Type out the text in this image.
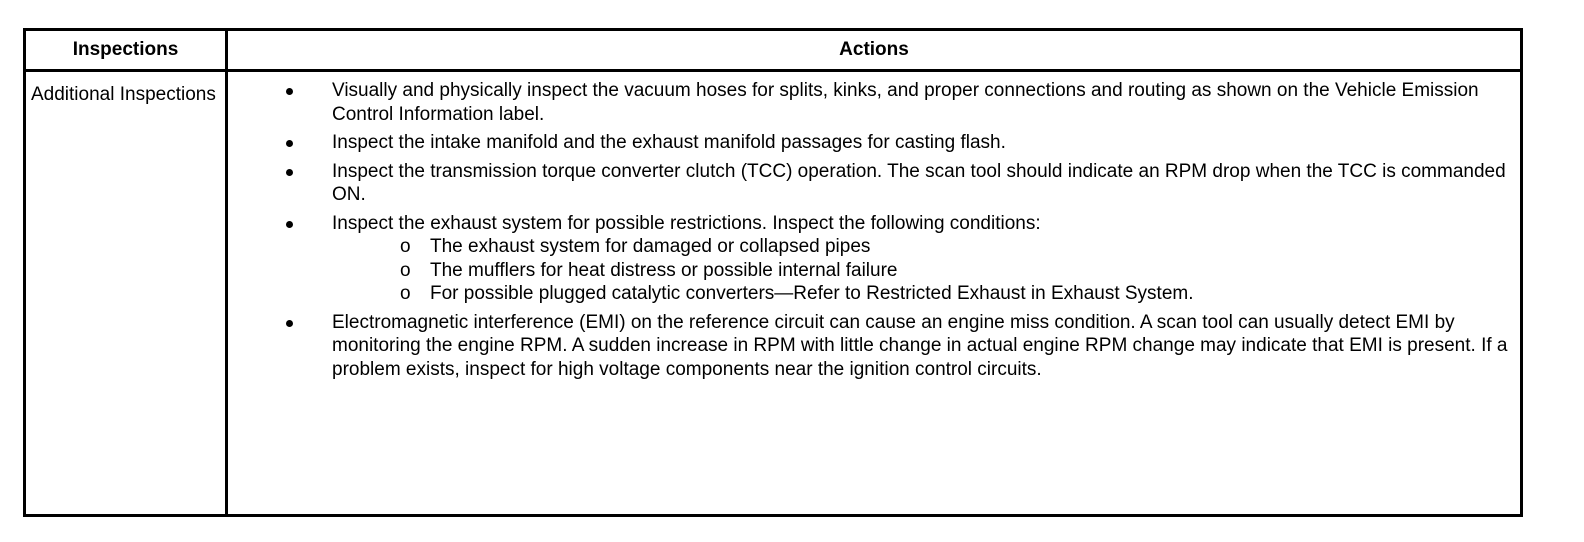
Inspections	Actions
Additional Inspections	Visually and physically inspect the vacuum hoses for splits, kinks, and proper connections and routing as shown on the Vehicle Emission Control Information label.
Inspect the intake manifold and the exhaust manifold passages for casting flash.
Inspect the transmission torque converter clutch (TCC) operation. The scan tool should indicate an RPM drop when the TCC is commanded ON.
Inspect the exhaust system for possible restrictions. Inspect the following conditions:
o The exhaust system for damaged or collapsed pipes
o The mufflers for heat distress or possible internal failure
o For possible plugged catalytic converters—Refer to Restricted Exhaust in Exhaust System.
Electromagnetic interference (EMI) on the reference circuit can cause an engine miss condition. A scan tool can usually detect EMI by monitoring the engine RPM. A sudden increase in RPM with little change in actual engine RPM change may indicate that EMI is present. If a problem exists, inspect for high voltage components near the ignition control circuits.
